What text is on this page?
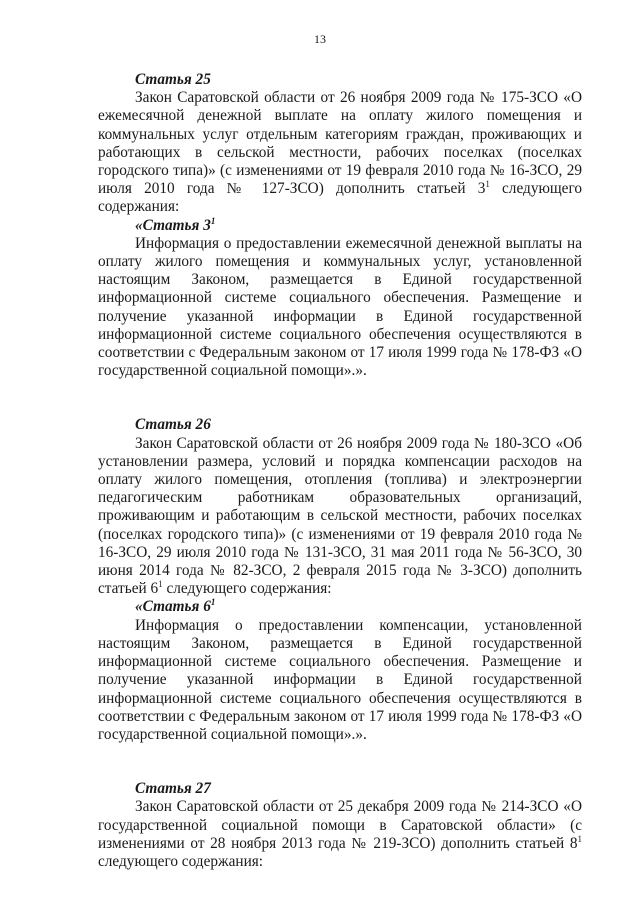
13
Статья 25
Закон Саратовской области от 26 ноября 2009 года № 175-ЗСО «О ежемесячной денежной выплате на оплату жилого помещения и коммунальных услуг отдельным категориям граждан, проживающих и работающих в сельской местности, рабочих поселках (поселках городского типа)» (с изменениями от 19 февраля 2010 года № 16-ЗСО, 29 июля 2010 года № 127-ЗСО) дополнить статьей $3^1$ следующего содержания:
«Статья $3^1$
Информация о предоставлении ежемесячной денежной выплаты на оплату жилого помещения и коммунальных услуг, установленной настоящим Законом, размещается в Единой государственной информационной системе социального обеспечения. Размещение и получение указанной информации в Единой государственной информационной системе социального обеспечения осуществляются в соответствии с Федеральным законом от 17 июля 1999 года № 178-ФЗ «О государственной социальной помощи».».
Статья 26
Закон Саратовской области от 26 ноября 2009 года № 180-ЗСО «Об установлении размера, условий и порядка компенсации расходов на оплату жилого помещения, отопления (топлива) и электроэнергии педагогическим работникам образовательных организаций, проживающим и работающим в сельской местности, рабочих поселках (поселках городского типа)» (с изменениями от 19 февраля 2010 года № 16-ЗСО, 29 июля 2010 года № 131-ЗСО, 31 мая 2011 года № 56-ЗСО, 30 июня 2014 года № 82-ЗСО, 2 февраля 2015 года № 3-ЗСО) дополнить статьей $6^1$ следующего содержания:
«Статья $6^1$
Информация о предоставлении компенсации, установленной настоящим Законом, размещается в Единой государственной информационной системе социального обеспечения. Размещение и получение указанной информации в Единой государственной информационной системе социального обеспечения осуществляются в соответствии с Федеральным законом от 17 июля 1999 года № 178-ФЗ «О государственной социальной помощи».».
Статья 27
Закон Саратовской области от 25 декабря 2009 года № 214-ЗСО «О государственной социальной помощи в Саратовской области» (с изменениями от 28 ноября 2013 года № 219-ЗСО) дополнить статьей $8^1$ следующего содержания:
